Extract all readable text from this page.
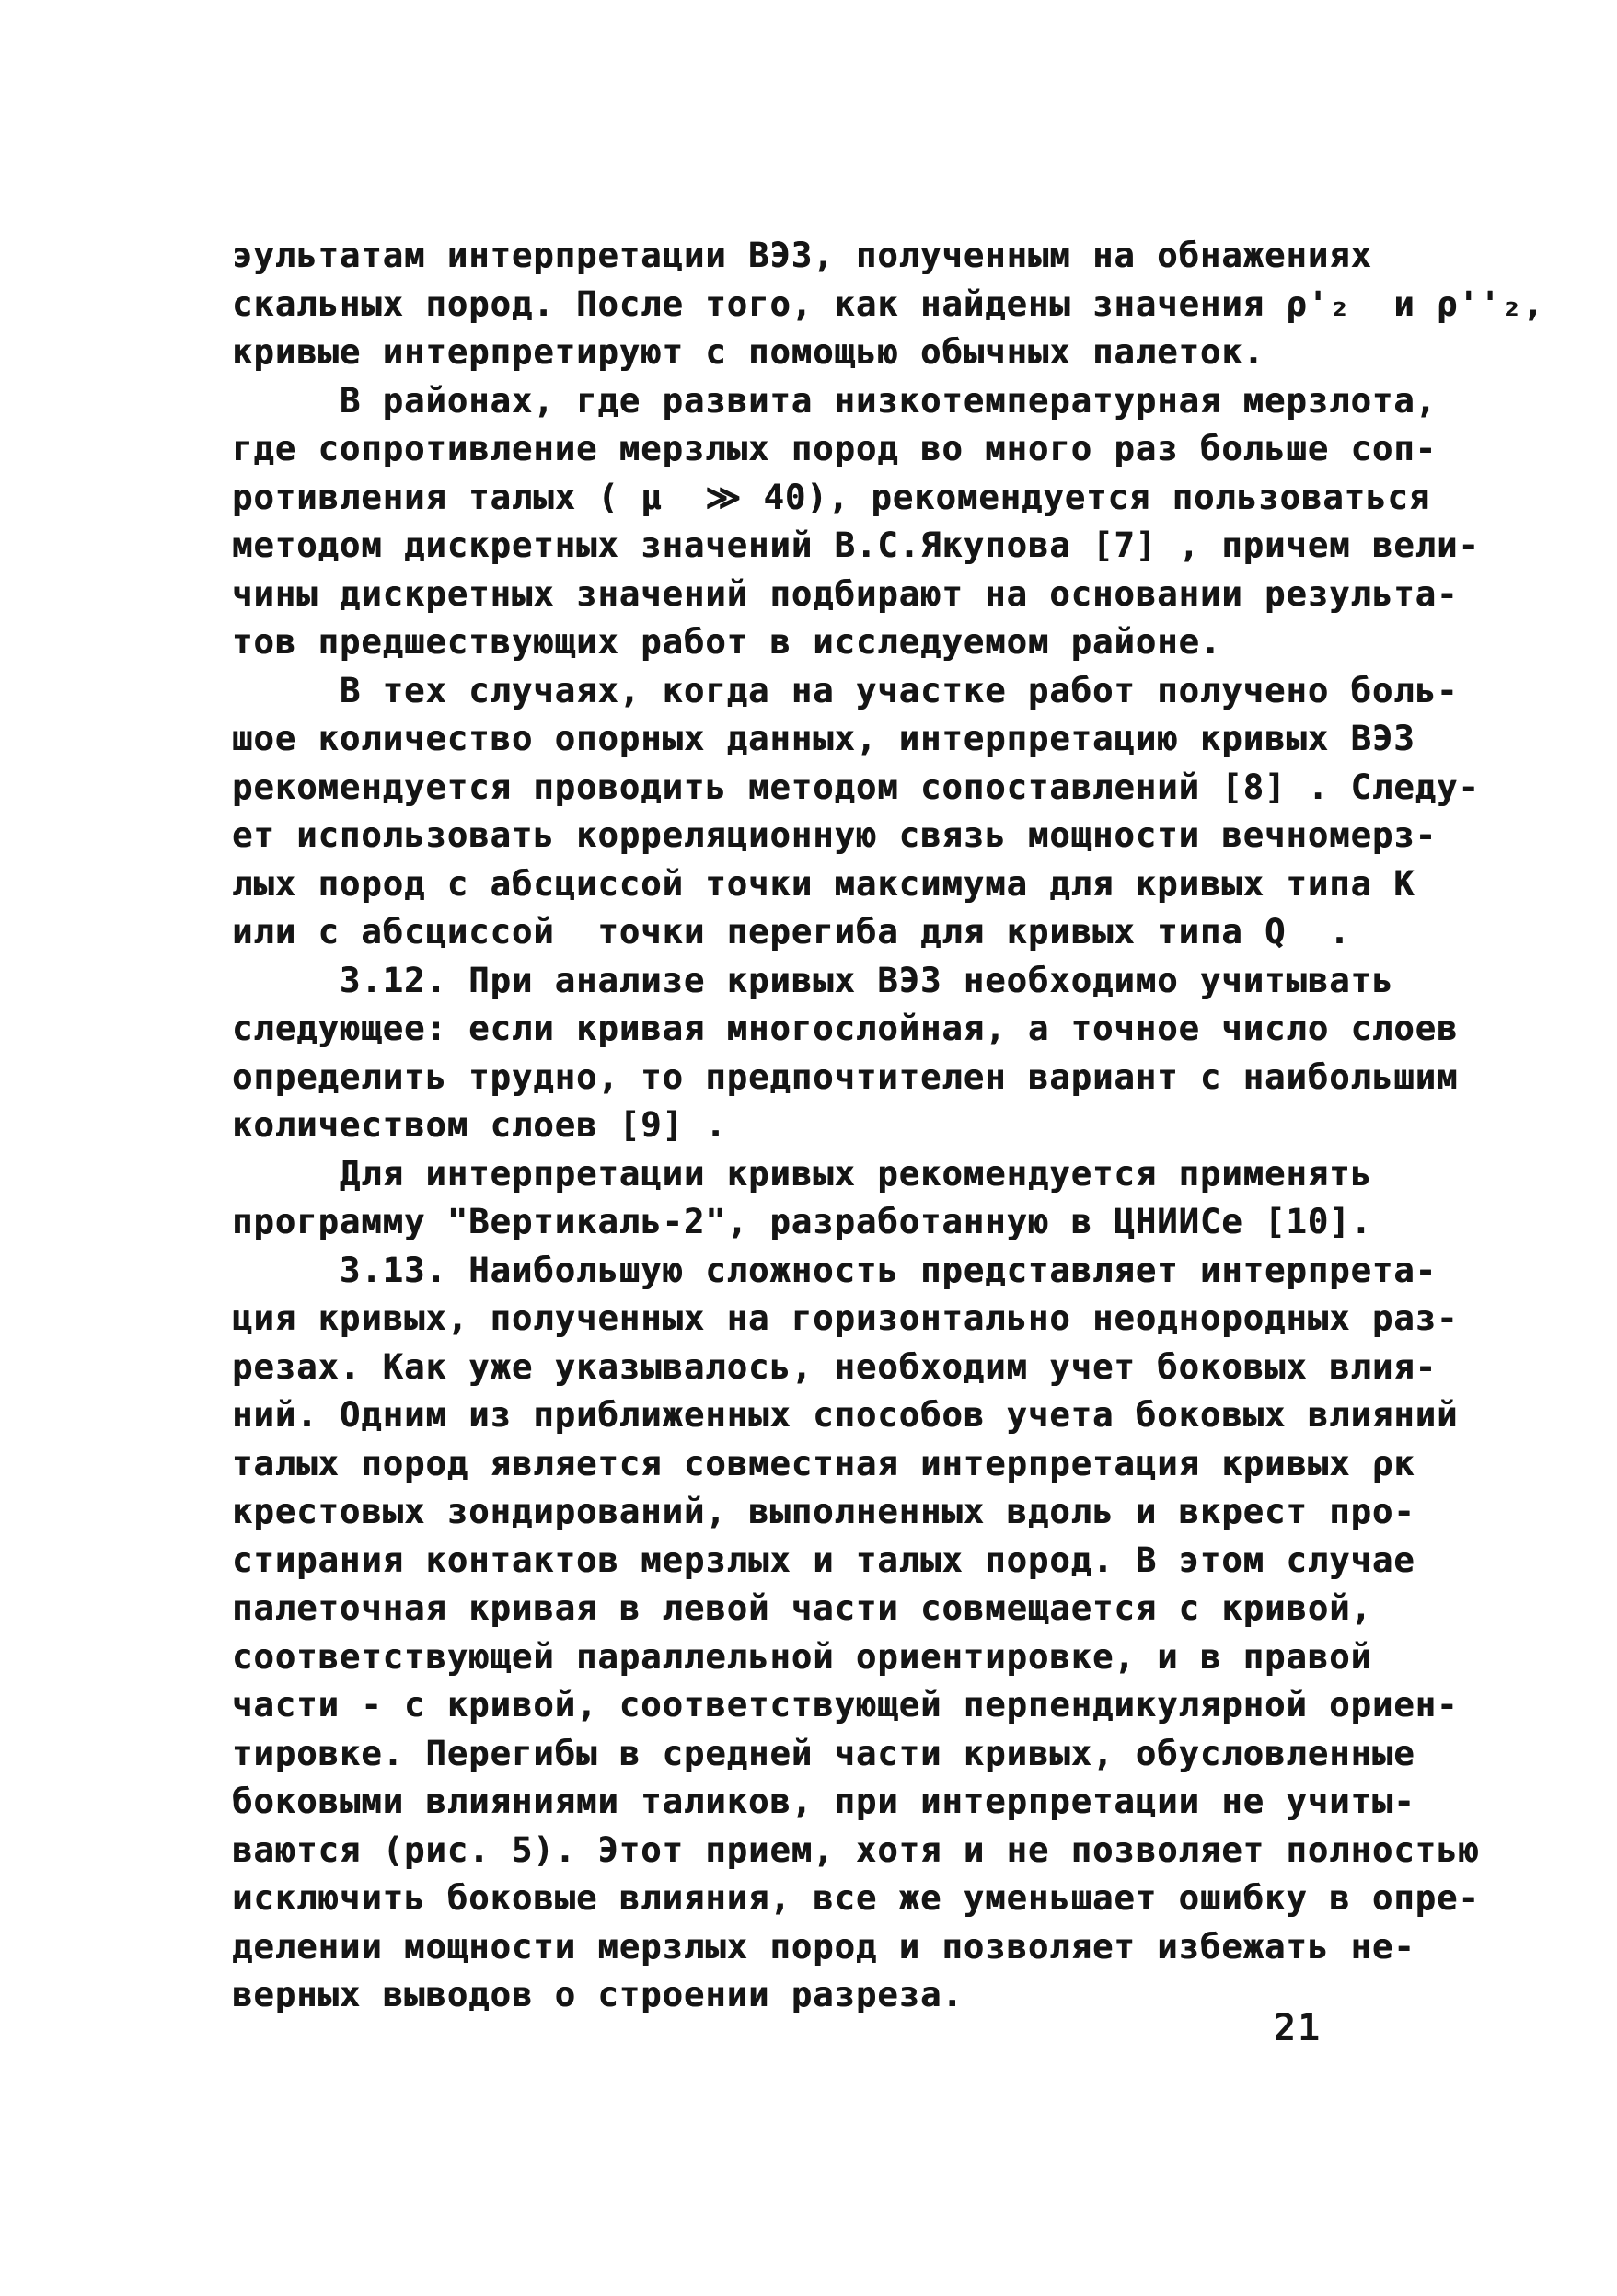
эультатам интерпретации ВЭЗ, полученным на обнажениях
скальных пород. После того, как найдены значения ρ'₂  и ρ''₂,
кривые интерпретируют с помощью обычных палеток.
В районах, где развита низкотемпературная мерзлота,
где сопротивление мерзлых пород во много раз больше соп-
ротивления талых ( μ  ≫ 40), рекомендуется пользоваться
методом дискретных значений В.С.Якупова [7] , причем вели-
чины дискретных значений подбирают на основании результа-
тов предшествующих работ в исследуемом районе.
В тех случаях, когда на участке работ получено боль-
шое количество опорных данных, интерпретацию кривых ВЭЗ
рекомендуется проводить методом сопоставлений [8] . Следу-
ет использовать корреляционную связь мощности вечномерз-
лых пород с абсциссой точки максимума для кривых типа К
или с абсциссой  точки перегиба для кривых типа Q  .
3.12. При анализе кривых ВЭЗ необходимо учитывать
следующее: если кривая многослойная, а точное число слоев
определить трудно, то предпочтителен вариант с наибольшим
количеством слоев [9] .
Для интерпретации кривых рекомендуется применять
программу "Вертикаль-2", разработанную в ЦНИИСе [10].
3.13. Наибольшую сложность представляет интерпрета-
ция кривых, полученных на горизонтально неоднородных раз-
резах. Как уже указывалось, необходим учет боковых влия-
ний. Одним из приближенных способов учета боковых влияний
талых пород является совместная интерпретация кривых ρк
крестовых зондирований, выполненных вдоль и вкрест про-
стирания контактов мерзлых и талых пород. В этом случае
палеточная кривая в левой части совмещается с кривой,
соответствующей параллельной ориентировке, и в правой
части - с кривой, соответствующей перпендикулярной ориен-
тировке. Перегибы в средней части кривых, обусловленные
боковыми влияниями таликов, при интерпретации не учиты-
ваются (рис. 5). Этот прием, хотя и не позволяет полностью
исключить боковые влияния, все же уменьшает ошибку в опре-
делении мощности мерзлых пород и позволяет избежать не-
верных выводов о строении разреза.
21
